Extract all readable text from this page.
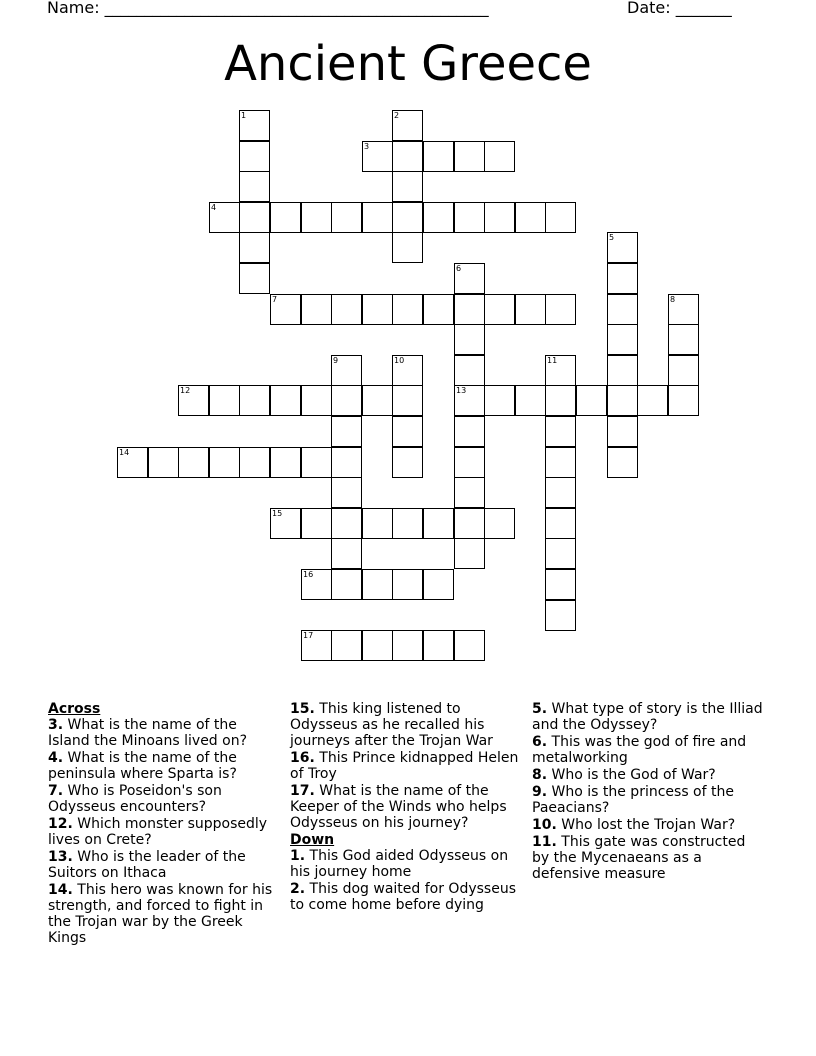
Name: ________________________________________________	Date: _______
Ancient Greece
1	2
3
4
5
6
7	8
9	10	11
12	13
14
15
16
17
Across
3. What is the name of the Island the Minoans lived on?
4. What is the name of the peninsula where Sparta is?
7. Who is Poseidon's son Odysseus encounters?
12. Which monster supposedly lives on Crete?
13. Who is the leader of the Suitors on Ithaca
14. This hero was known for his strength, and forced to fight in the Trojan war by the Greek Kings
15. This king listened to Odysseus as he recalled his journeys after the Trojan War
16. This Prince kidnapped Helen of Troy
17. What is the name of the Keeper of the Winds who helps Odysseus on his journey?
Down
1. This God aided Odysseus on his journey home
2. This dog waited for Odysseus to come home before dying
5. What type of story is the Illiad and the Odyssey?
6. This was the god of fire and metalworking
8. Who is the God of War?
9. Who is the princess of the Paeacians?
10. Who lost the Trojan War?
11. This gate was constructed by the Mycenaeans as a defensive measure
